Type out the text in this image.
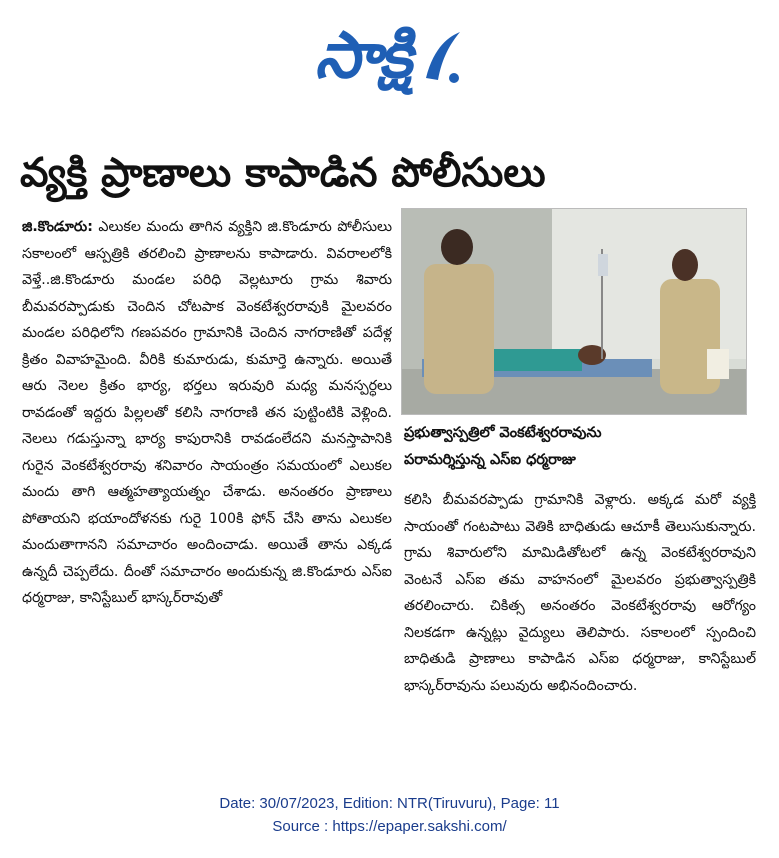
సాక్షి
వ్యక్తి ప్రాణాలు కాపాడిన పోలీసులు
జి.కొండూరు: ఎలుకల మందు తాగిన వ్యక్తిని జి.కొండూరు పోలీసులు సకాలంలో ఆస్పత్రికి తరలించి ప్రాణాలను కాపాడారు. వివరాలలోకి వెళ్తే..జి.కొండూరు మండల పరిధి వెల్లటూరు గ్రామ శివారు బీమవరప్పాడుకు చెందిన చోటపాక వెంకటేశ్వరరావుకి మైలవరం మండల పరిధిలోని గణపవరం గ్రామానికి చెందిన నాగరాణితో పదేళ్ల క్రితం వివాహమైంది. వీరికి కుమారుడు, కుమార్తె ఉన్నారు. అయితే ఆరు నెలల క్రితం భార్య, భర్తలు ఇరువురి మధ్య మనస్పర్ధలు రావడంతో ఇద్దరు పిల్లలతో కలిసి నాగరాణి తన పుట్టింటికి వెళ్లింది. నెలలు గడుస్తున్నా భార్య కాపురానికి రావడంలేదని మనస్తాపానికి గురైన వెంకటేశ్వరరావు శనివారం సాయంత్రం సమయంలో ఎలుకల మందు తాగి ఆత్మహత్యాయత్నం చేశాడు. అనంతరం ప్రాణాలు పోతాయని భయాందోళనకు గురై 100కి ఫోన్ చేసి తాను ఎలుకల మందుతాగానని సమాచారం అందించాడు. అయితే తాను ఎక్కడ ఉన్నదీ చెప్పలేదు. దీంతో సమాచారం అందుకున్న జి.కొండూరు ఎస్ఐ ధర్మరాజు, కానిస్టేబుల్ భాస్కర్‌రావుతో
ప్రభుత్వాస్పత్రిలో వెంకటేశ్వరరావును
పరామర్శిస్తున్న ఎస్ఐ ధర్మరాజు
కలిసి బీమవరప్పాడు గ్రామానికి వెళ్లారు. అక్కడ మరో వ్యక్తి సాయంతో గంటపాటు వెతికి బాధితుడు ఆచూకీ తెలుసుకున్నారు. గ్రామ శివారులోని మామిడితోటలో ఉన్న వెంకటేశ్వరరావుని వెంటనే ఎస్ఐ తమ వాహనంలో మైలవరం ప్రభుత్వాస్పత్రికి తరలించారు. చికిత్స అనంతరం వెంకటేశ్వరరావు ఆరోగ్యం నిలకడగా ఉన్నట్లు వైద్యులు తెలిపారు. సకాలంలో స్పందించి బాధితుడి ప్రాణాలు కాపాడిన ఎస్ఐ ధర్మరాజు, కానిస్టేబుల్ భాస్కర్‌రావును పలువురు అభినందించారు.
Date: 30/07/2023, Edition: NTR(Tiruvuru), Page: 11
Source : https://epaper.sakshi.com/
